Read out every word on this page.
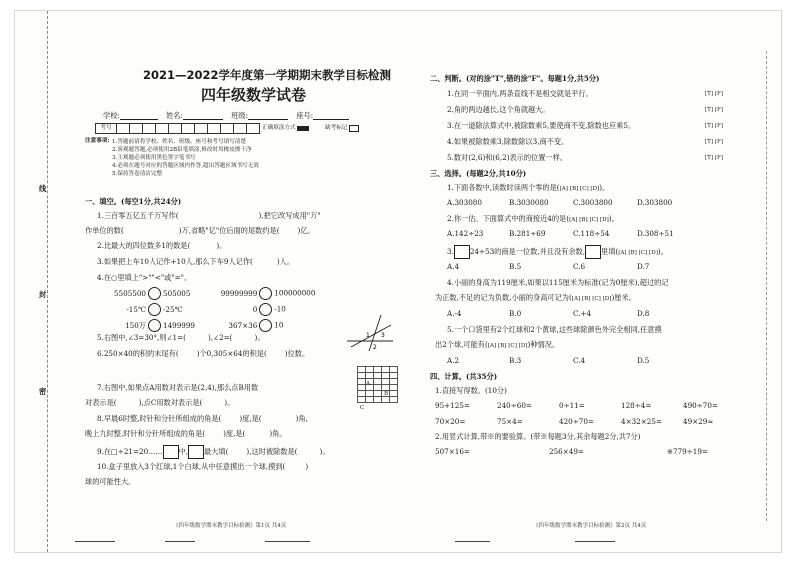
线
封
密
2021—2022学年度第一学期期末教学目标检测
四年级数学试卷
学校:	姓名:	班级:	座号:
考号												正确填涂方式	缺考标记
注意事项: 1.答题前请将学校、姓名、班级、座号和考号填写清楚
2.客观题答题,必须使用2B铅笔填涂,修改时用橡皮擦干净
3.主观题必须使用黑色签字笔书写
4.必须在题号对应的答题区域内作答,超出答题区域书写无效
5.保持答卷清洁完整
一、填空。(每空1分,共24分)
1.三百零五亿五千万写作(	),把它改写成用"万"
作单位的数(	)万,省略"亿"位后面的尾数约是(	)亿。
2.比最大的四位数多1的数是(	)。
3.如果把上车10人记作+10人,那么下车9人记作(	)人。
4.在○里填上">""<"或"="。
5505500 505005	99999999 100000000
-15℃ -25℃	0 -10
150万 1499999	367×36 10
1
2
3
5.右图中,∠3=30°,则∠1=(	),∠2=(	)。
6.250×40的积的末尾有(	)个0,305×64的积是(	)位数。

A
B
C
7.右图中,如果点A用数对表示是(2,4),那么点B用数
对表示是(	),点C用数对表示是(	)。
8.早晨6时整,时针和分针所组成的角是(	)度,是(	)角,
晚上九时整,时针和分针所组成的角是(	)度,是(	)角。
9.在□÷21=20…… 中, 最大填(	),这时被除数是(	)。
10.盒子里放入3个红球,1个白球,从中任意摸出一个球,摸到(	)
球的可能性大。
《四年级数学期末教学目标检测》第1页 共4页
二、判断。(对的涂"T",错的涂"F"。每题1分,共5分)
1.在同一平面内,两条直线不是相交就是平行。	[T] [F]
2.角的两边越长,这个角就越大。	[T] [F]
3.在一道除法算式中,被除数乘5,要使商不变,除数也应乘5。	[T] [F]
4.如果被除数乘3,除数除以3,商不变。	[T] [F]
5.数对(2,6)和(6,2)表示的位置一样。	[T] [F]
三、选择。(每题2分,共10分)
1.下面各数中,读数时读两个零的是([A] [B] [C] [D])。
A.303080	B.3030080	C.3003800	D.303800
2.你一估。下面算式中的商接近4的是([A] [B] [C] [D])。
A.142÷23	B.281÷69	C.118÷54	D.308÷51
3. 24÷53的商是一位数,并且没有余数, 里填([A] [B] [C] [D])。
A.4	B.5	C.6	D.7
4.小丽的身高为119厘米,如果以115厘米为标准(记为0厘米),超过的记
为正数,不足的记为负数,小丽的身高可记为([A] [B] [C] [D])厘米。
A.-4	B.0	C.+4	D.8
5.一个口袋里有2个红球和2个黄球,这些球除颜色外完全相同,任意摸
出2个球,可能有([A] [B] [C] [D])种情况。
A.2	B.3	C.4	D.5
四、计算。(共35分)
1.直接写得数。(10分)
95+125=	240÷60=	0÷11=	128÷4=	490÷70=
70×20=	75×4=	420÷70=	4×32×25=	49×29≈
2.用竖式计算,带※的要验算。(带※每题3分,其余每题2分,共7分)
507×16=	256×49=	※779÷19=
《四年级数学期末教学目标检测》第2页 共4页
